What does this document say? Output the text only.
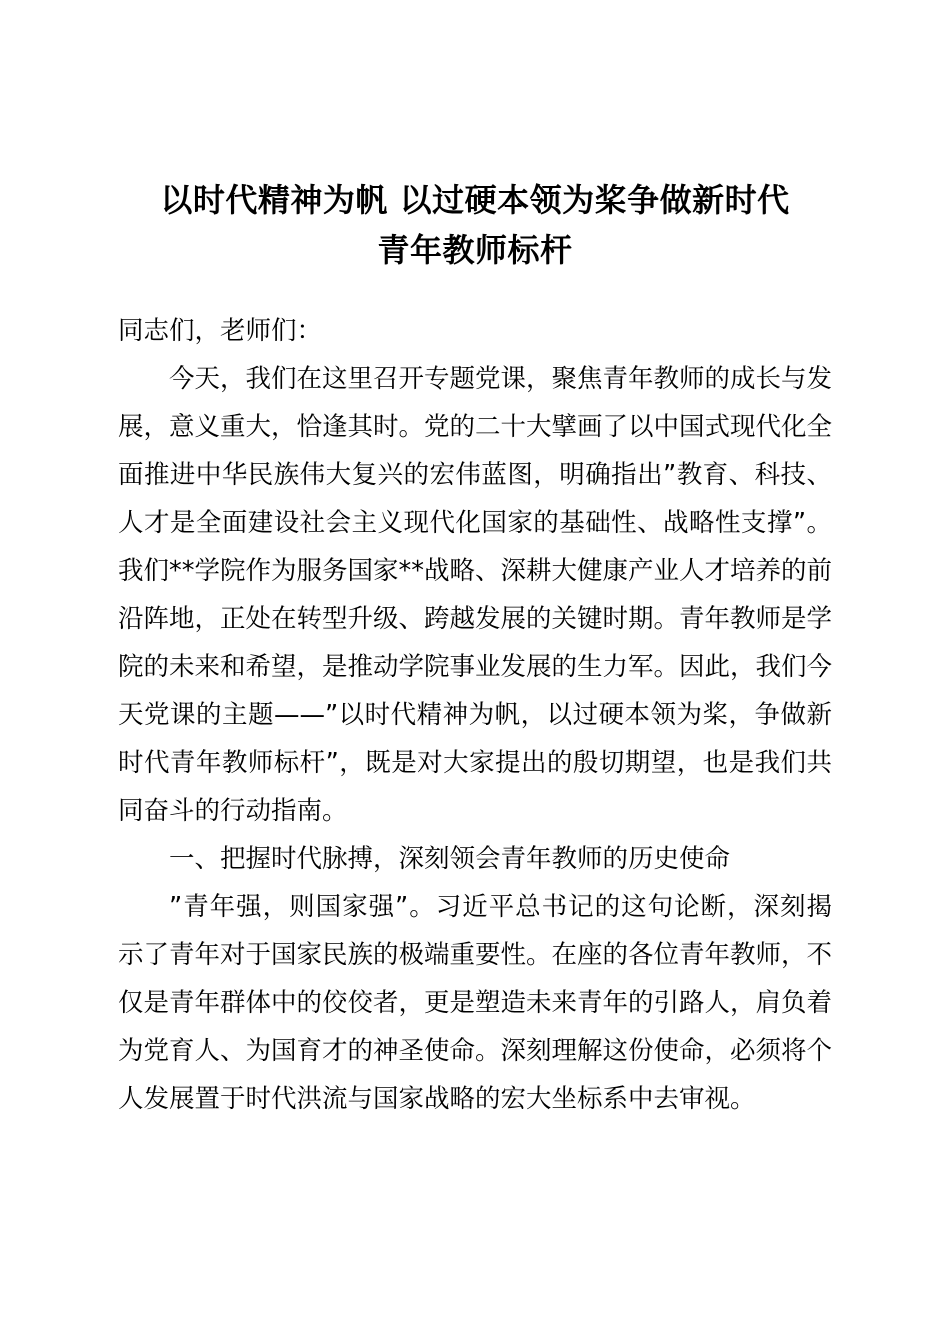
以时代精神为帆 以过硬本领为桨争做新时代
青年教师标杆

同志们，老师们：

今天，我们在这里召开专题党课，聚焦青年教师的成长与发展，意义重大，恰逢其时。党的二十大擘画了以中国式现代化全面推进中华民族伟大复兴的宏伟蓝图，明确指出”教育、科技、人才是全面建设社会主义现代化国家的基础性、战略性支撑”。我们**学院作为服务国家**战略、深耕大健康产业人才培养的前沿阵地，正处在转型升级、跨越发展的关键时期。青年教师是学院的未来和希望，是推动学院事业发展的生力军。因此，我们今天党课的主题——”以时代精神为帆，以过硬本领为桨，争做新时代青年教师标杆”，既是对大家提出的殷切期望，也是我们共同奋斗的行动指南。

一、把握时代脉搏，深刻领会青年教师的历史使命

”青年强，则国家强”。习近平总书记的这句论断，深刻揭示了青年对于国家民族的极端重要性。在座的各位青年教师，不仅是青年群体中的佼佼者，更是塑造未来青年的引路人，肩负着为党育人、为国育才的神圣使命。深刻理解这份使命，必须将个人发展置于时代洪流与国家战略的宏大坐标系中去审视。
